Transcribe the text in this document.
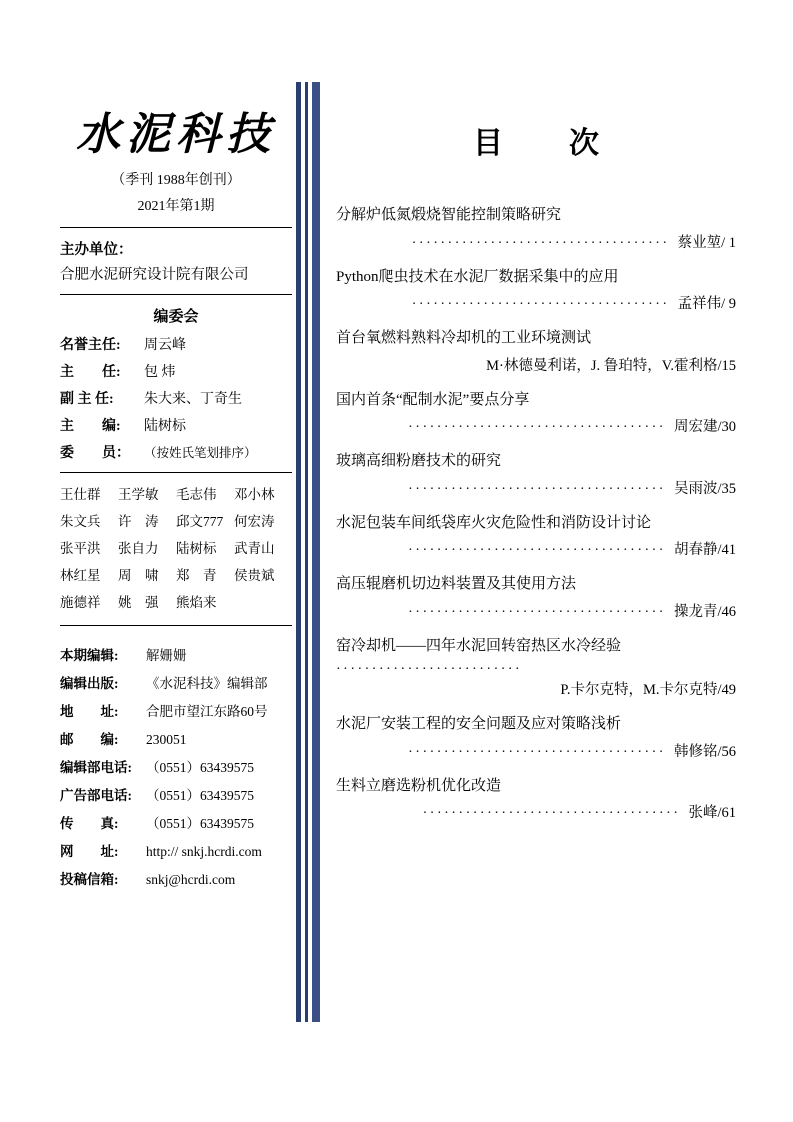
水泥科技
（季刊 1988年创刊）
2021年第1期
主办单位：
合肥水泥研究设计院有限公司
编委会
名誉主任:	周云峰
主　　任:	包 炜
副 主 任:	朱大来、丁奇生
主　　编:	陆树标
委　　员：	（按姓氏笔划排序）
王仕群	王学敏	毛志伟	邓小林
朱文兵	许　涛	邱文777 何宏涛
张平洪	张自力	陆树标	武青山
林红星	周　啸	郑　青	侯贵斌
施德祥	姚　强	熊焰来
本期编辑:	解姗姗
编辑出版:	《水泥科技》编辑部
地　　址:	合肥市望江东路60号
邮　　编:	230051
编辑部电话:	（0551）63439575
广告部电话:	（0551）63439575
传　　真:	（0551）63439575
网　　址:	http:// snkj.hcrdi.com
投稿信箱:	snkj@hcrdi.com
目　次
分解炉低氮煅烧智能控制策略研究
···································· 蔡业堃/ 1
Python爬虫技术在水泥厂数据采集中的应用
···································· 孟祥伟/ 9
首台氧燃料熟料冷却机的工业环境测试
M·林德曼利诺，J. 鲁珀特，V.霍利格/15
国内首条“配制水泥”要点分享
···································· 周宏建/30
玻璃高细粉磨技术的研究
···································· 吴雨波/35
水泥包装车间纸袋库火灾危险性和消防设计讨论
···································· 胡春静/41
高压辊磨机切边料装置及其使用方法
···································· 操龙青/46
窑冷却机——四年水泥回转窑热区水冷经验
··························
P.卡尔克特，M.卡尔克特/49
水泥厂安装工程的安全问题及应对策略浅析
···································· 韩修铭/56
生料立磨选粉机优化改造
···································· 张峰/61
